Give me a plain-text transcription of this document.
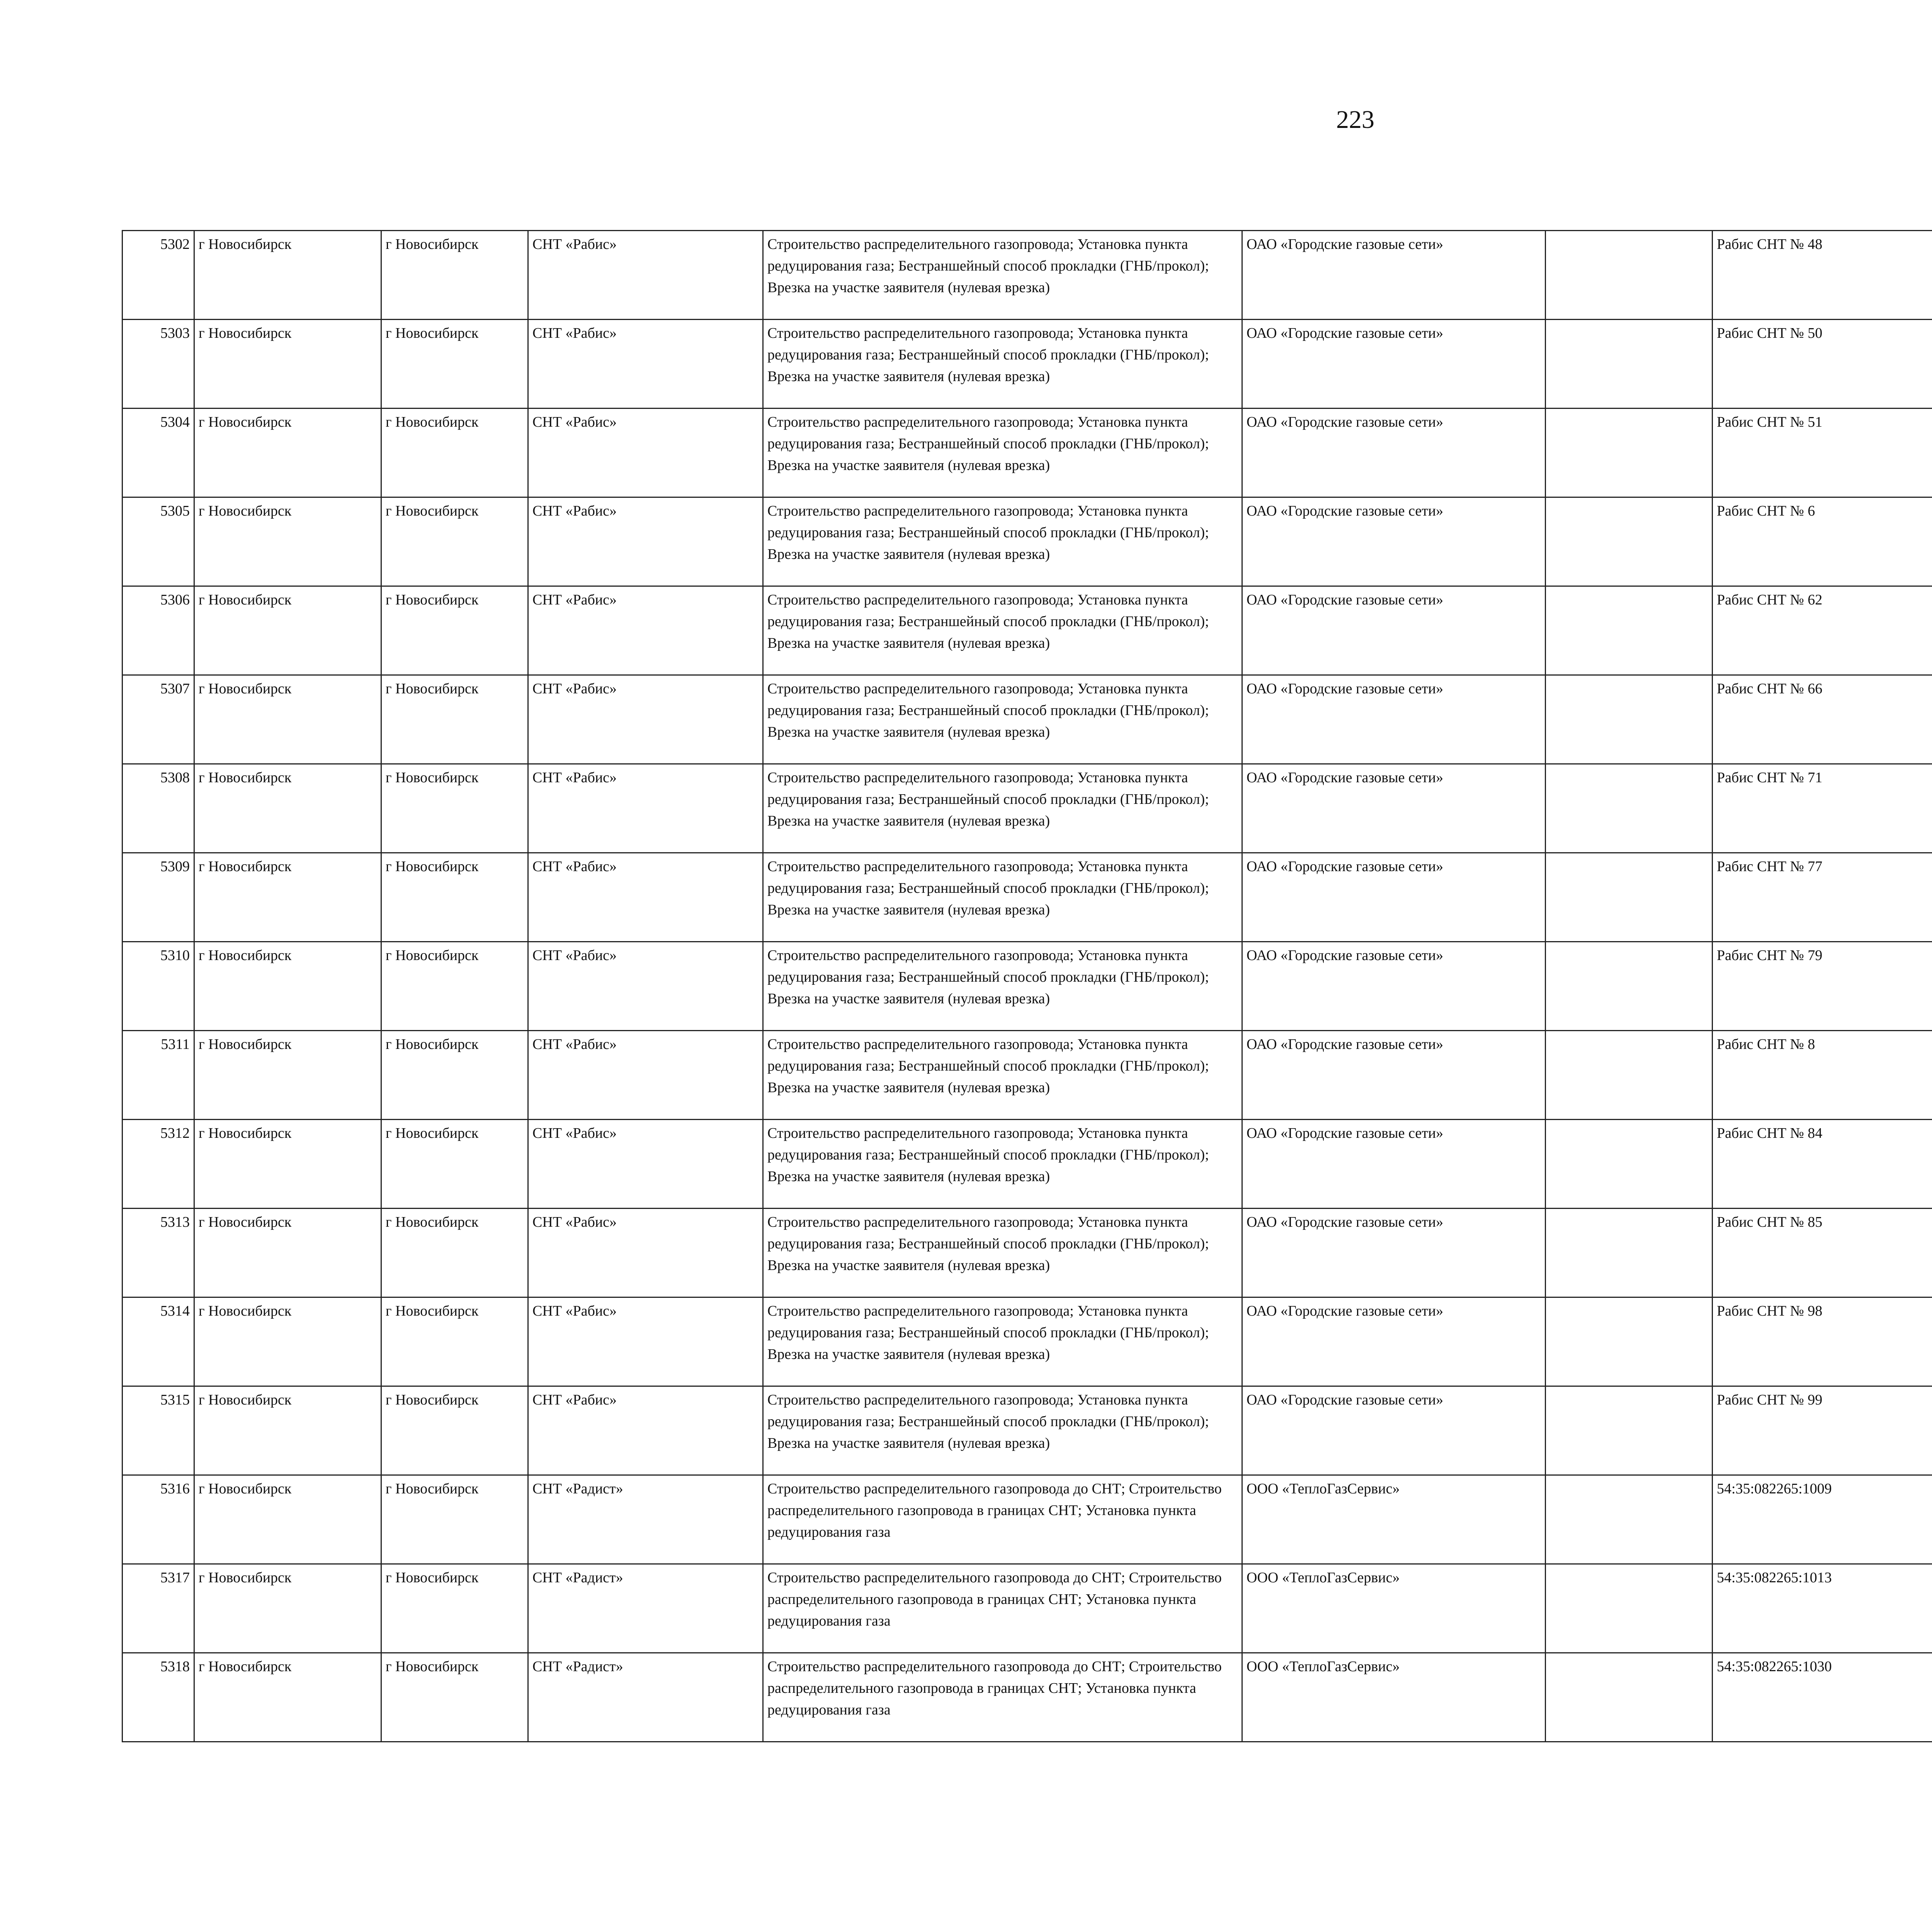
223
5302	г Новосибирск	г Новосибирск	СНТ «Рабис»	Строительство распределительного газопровода; Установка пункта редуцирования газа; Бестраншейный способ прокладки (ГНБ/прокол); Врезка на участке заявителя (нулевая врезка)	ОАО «Городские газовые сети»		Рабис СНТ № 48					
5303	г Новосибирск	г Новосибирск	СНТ «Рабис»	Строительство распределительного газопровода; Установка пункта редуцирования газа; Бестраншейный способ прокладки (ГНБ/прокол); Врезка на участке заявителя (нулевая врезка)	ОАО «Городские газовые сети»		Рабис СНТ № 50					
5304	г Новосибирск	г Новосибирск	СНТ «Рабис»	Строительство распределительного газопровода; Установка пункта редуцирования газа; Бестраншейный способ прокладки (ГНБ/прокол); Врезка на участке заявителя (нулевая врезка)	ОАО «Городские газовые сети»		Рабис СНТ № 51					
5305	г Новосибирск	г Новосибирск	СНТ «Рабис»	Строительство распределительного газопровода; Установка пункта редуцирования газа; Бестраншейный способ прокладки (ГНБ/прокол); Врезка на участке заявителя (нулевая врезка)	ОАО «Городские газовые сети»		Рабис СНТ № 6					
5306	г Новосибирск	г Новосибирск	СНТ «Рабис»	Строительство распределительного газопровода; Установка пункта редуцирования газа; Бестраншейный способ прокладки (ГНБ/прокол); Врезка на участке заявителя (нулевая врезка)	ОАО «Городские газовые сети»		Рабис СНТ № 62					
5307	г Новосибирск	г Новосибирск	СНТ «Рабис»	Строительство распределительного газопровода; Установка пункта редуцирования газа; Бестраншейный способ прокладки (ГНБ/прокол); Врезка на участке заявителя (нулевая врезка)	ОАО «Городские газовые сети»		Рабис СНТ № 66					
5308	г Новосибирск	г Новосибирск	СНТ «Рабис»	Строительство распределительного газопровода; Установка пункта редуцирования газа; Бестраншейный способ прокладки (ГНБ/прокол); Врезка на участке заявителя (нулевая врезка)	ОАО «Городские газовые сети»		Рабис СНТ № 71					
5309	г Новосибирск	г Новосибирск	СНТ «Рабис»	Строительство распределительного газопровода; Установка пункта редуцирования газа; Бестраншейный способ прокладки (ГНБ/прокол); Врезка на участке заявителя (нулевая врезка)	ОАО «Городские газовые сети»		Рабис СНТ № 77					
5310	г Новосибирск	г Новосибирск	СНТ «Рабис»	Строительство распределительного газопровода; Установка пункта редуцирования газа; Бестраншейный способ прокладки (ГНБ/прокол); Врезка на участке заявителя (нулевая врезка)	ОАО «Городские газовые сети»		Рабис СНТ № 79					
5311	г Новосибирск	г Новосибирск	СНТ «Рабис»	Строительство распределительного газопровода; Установка пункта редуцирования газа; Бестраншейный способ прокладки (ГНБ/прокол); Врезка на участке заявителя (нулевая врезка)	ОАО «Городские газовые сети»		Рабис СНТ № 8					
5312	г Новосибирск	г Новосибирск	СНТ «Рабис»	Строительство распределительного газопровода; Установка пункта редуцирования газа; Бестраншейный способ прокладки (ГНБ/прокол); Врезка на участке заявителя (нулевая врезка)	ОАО «Городские газовые сети»		Рабис СНТ № 84					
5313	г Новосибирск	г Новосибирск	СНТ «Рабис»	Строительство распределительного газопровода; Установка пункта редуцирования газа; Бестраншейный способ прокладки (ГНБ/прокол); Врезка на участке заявителя (нулевая врезка)	ОАО «Городские газовые сети»		Рабис СНТ № 85					
5314	г Новосибирск	г Новосибирск	СНТ «Рабис»	Строительство распределительного газопровода; Установка пункта редуцирования газа; Бестраншейный способ прокладки (ГНБ/прокол); Врезка на участке заявителя (нулевая врезка)	ОАО «Городские газовые сети»		Рабис СНТ № 98					
5315	г Новосибирск	г Новосибирск	СНТ «Рабис»	Строительство распределительного газопровода; Установка пункта редуцирования газа; Бестраншейный способ прокладки (ГНБ/прокол); Врезка на участке заявителя (нулевая врезка)	ОАО «Городские газовые сети»		Рабис СНТ № 99					
5316	г Новосибирск	г Новосибирск	СНТ «Радист»	Строительство распределительного газопровода до СНТ; Строительство распределительного газопровода в границах СНТ; Установка пункта редуцирования газа	ООО «ТеплоГазСервис»		54:35:082265:1009					
5317	г Новосибирск	г Новосибирск	СНТ «Радист»	Строительство распределительного газопровода до СНТ; Строительство распределительного газопровода в границах СНТ; Установка пункта редуцирования газа	ООО «ТеплоГазСервис»		54:35:082265:1013					
5318	г Новосибирск	г Новосибирск	СНТ «Радист»	Строительство распределительного газопровода до СНТ; Строительство распределительного газопровода в границах СНТ; Установка пункта редуцирования газа	ООО «ТеплоГазСервис»		54:35:082265:1030					
